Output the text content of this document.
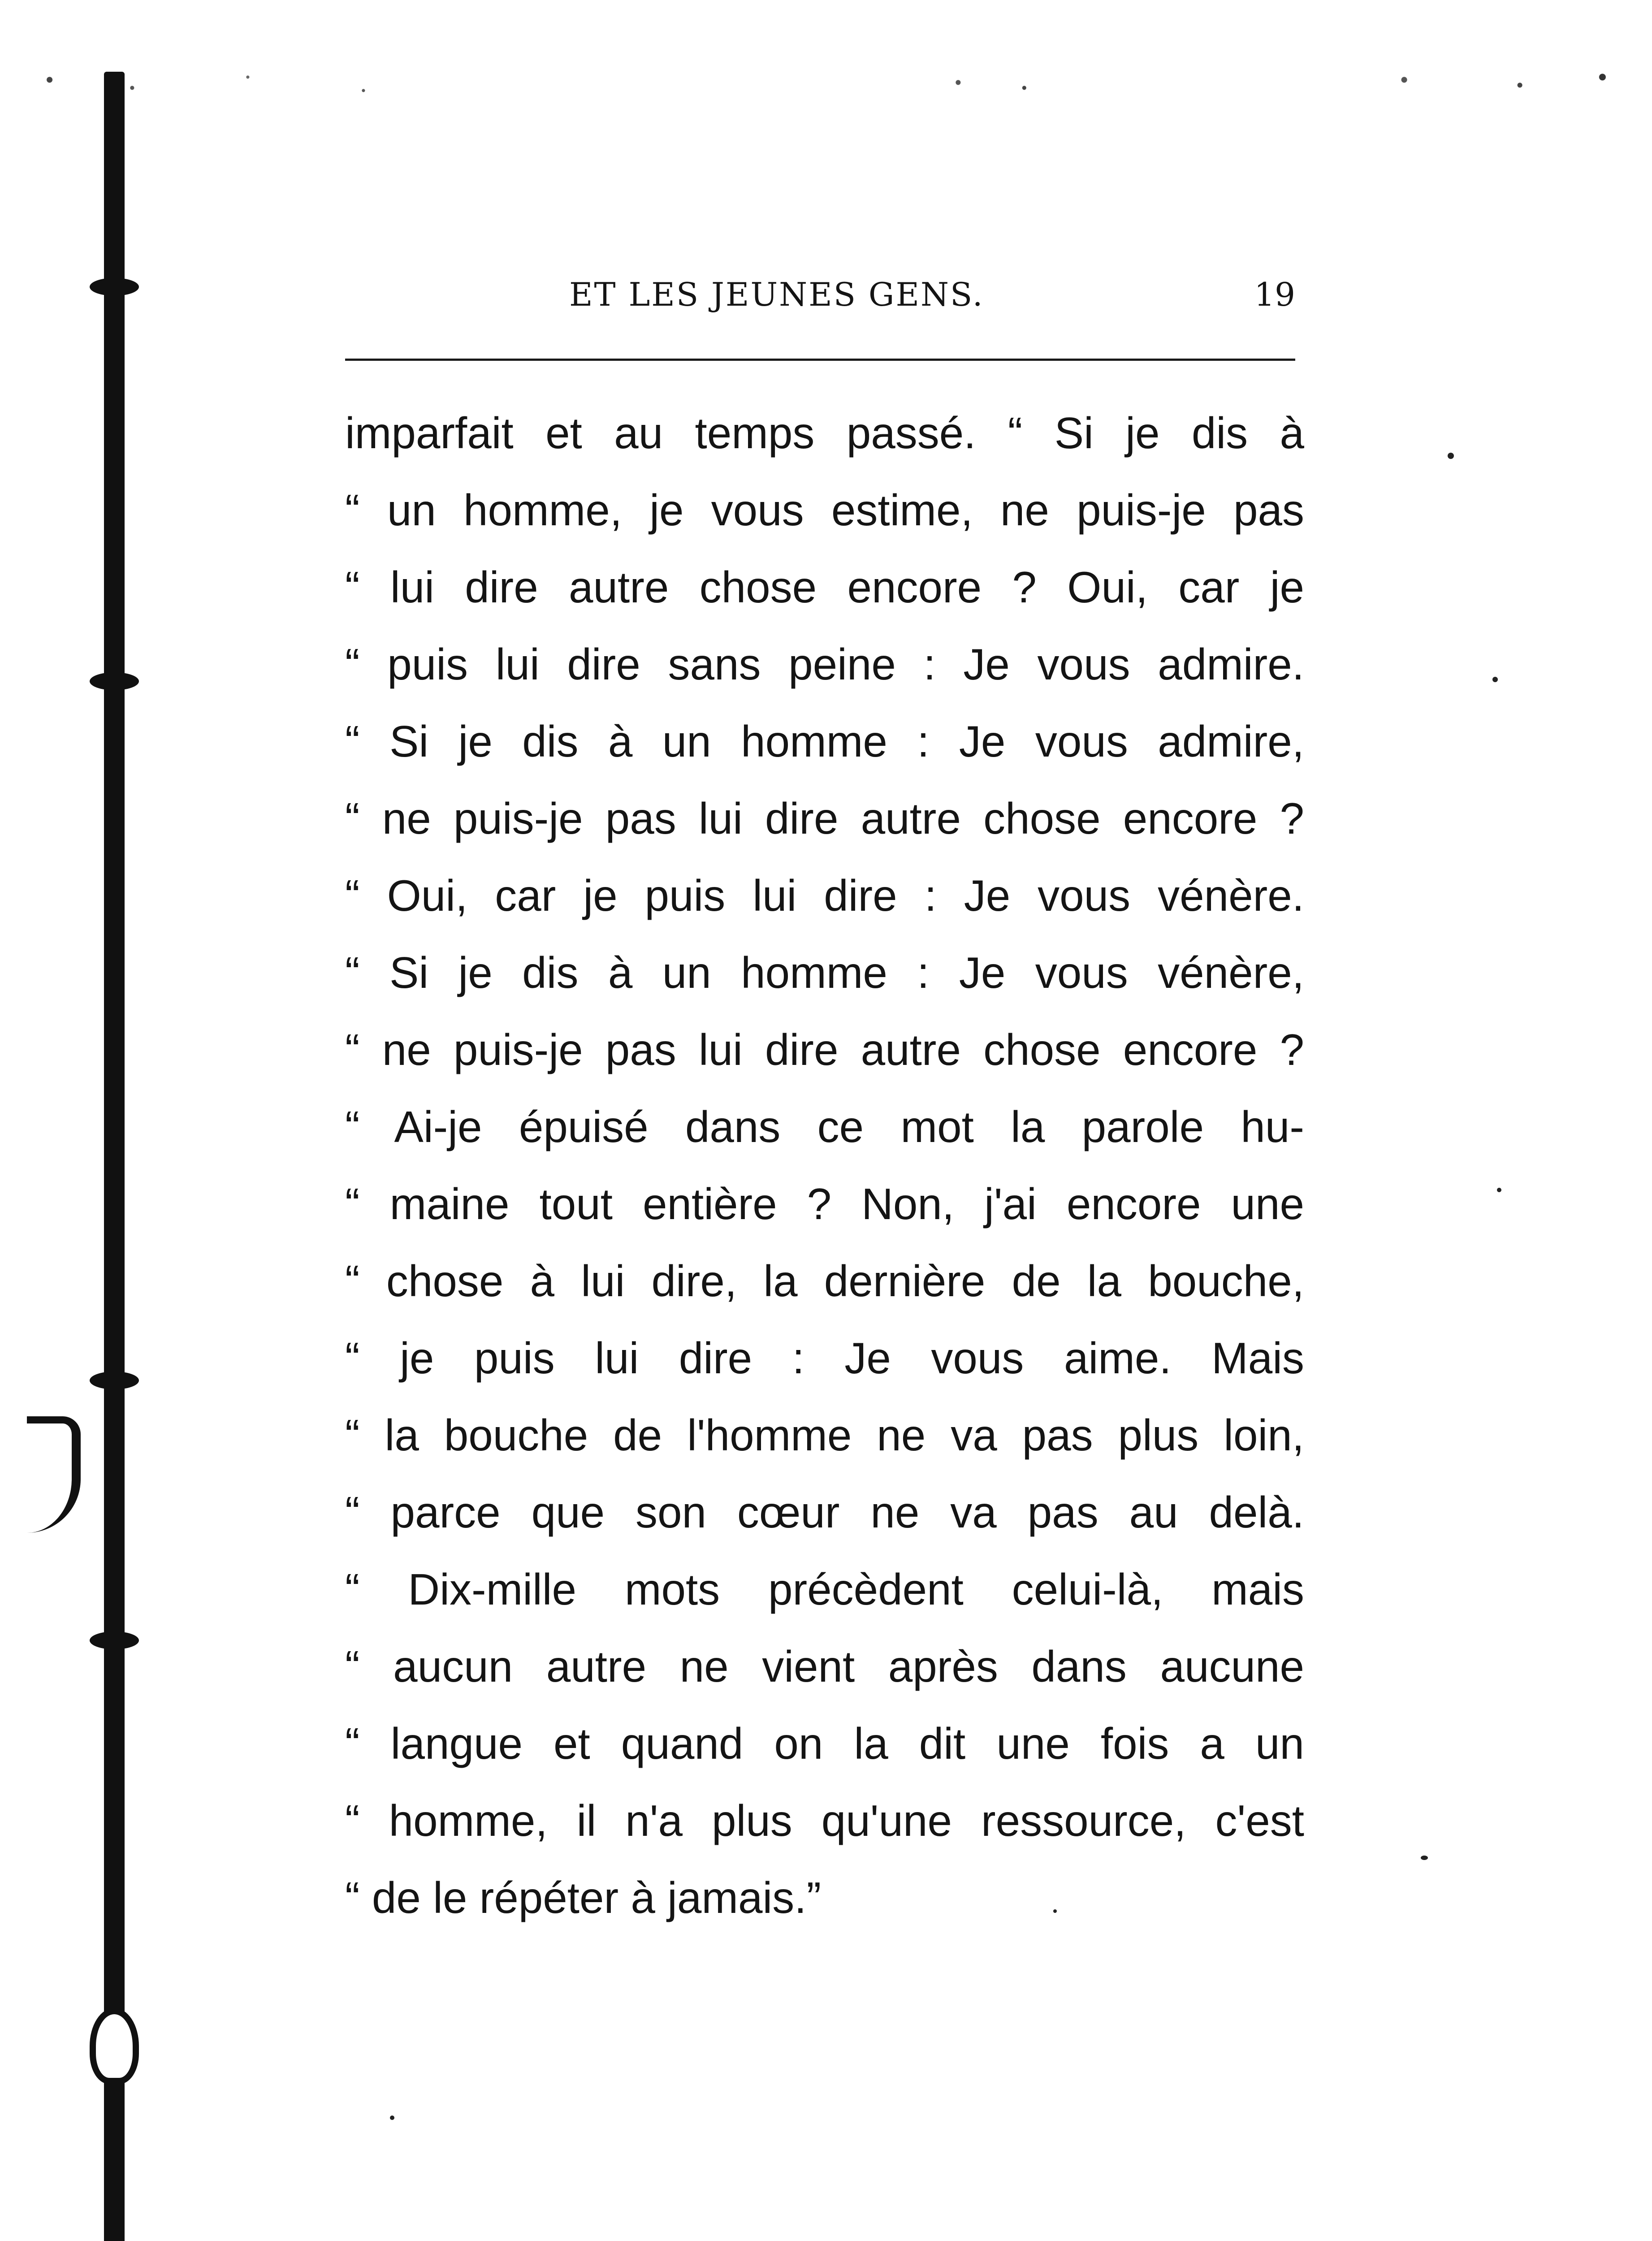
ET LES JEUNES GENS.	19
imparfait et au temps passé. “ Si je dis à
“ un homme, je vous estime, ne puis-je pas
“ lui dire autre chose encore ? Oui, car je
“ puis lui dire sans peine : Je vous admire.
“ Si je dis à un homme : Je vous admire,
“ ne puis-je pas lui dire autre chose encore ?
“ Oui, car je puis lui dire : Je vous vénère.
“ Si je dis à un homme : Je vous vénère,
“ ne puis-je pas lui dire autre chose encore ?
“ Ai-je épuisé dans ce mot la parole hu-
“ maine tout entière ? Non, j'ai encore une
“ chose à lui dire, la dernière de la bouche,
“ je puis lui dire : Je vous aime. Mais
“ la bouche de l'homme ne va pas plus loin,
“ parce que son cœur ne va pas au delà.
“ Dix-mille mots précèdent celui-là, mais
“ aucun autre ne vient après dans aucune
“ langue et quand on la dit une fois a un
“ homme, il n'a plus qu'une ressource, c'est
“ de le répéter à jamais.”
